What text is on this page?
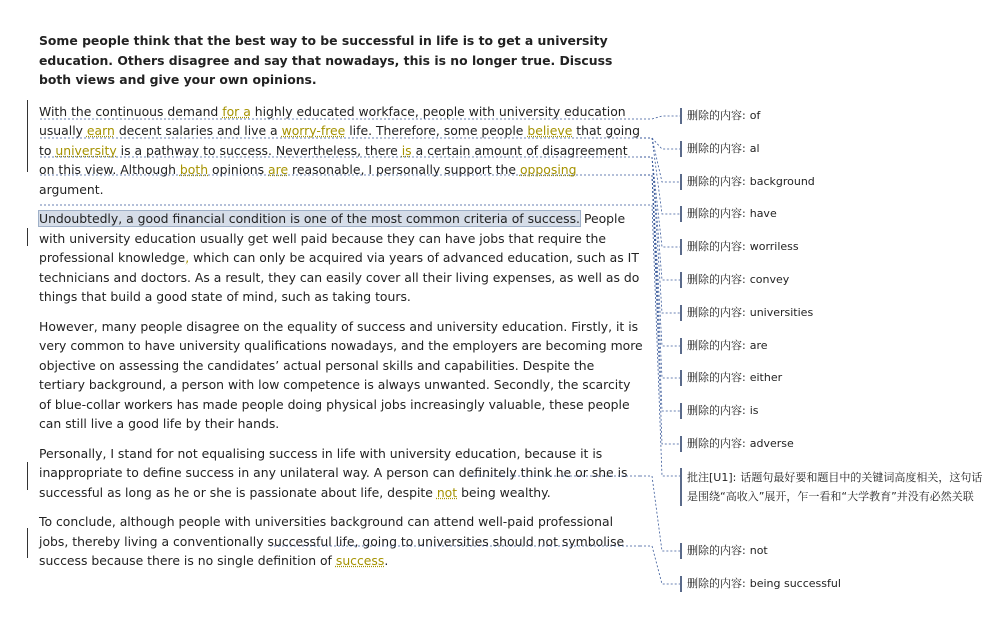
Some people think that the best way to be successful in life is to get a university education. Others disagree and say that nowadays, this is no longer true. Discuss both views and give your own opinions.

With the continuous demand for a highly educated workface, people with university education usually earn decent salaries and live a worry-free life. Therefore, some people believe that going to university is a pathway to success. Nevertheless, there is a certain amount of disagreement on this view. Although both opinions are reasonable, I personally support the opposing argument.

Undoubtedly, a good financial condition is one of the most common criteria of success. People with university education usually get well paid because they can have jobs that require the professional knowledge, which can only be acquired via years of advanced education, such as IT technicians and doctors. As a result, they can easily cover all their living expenses, as well as do things that build a good state of mind, such as taking tours.

However, many people disagree on the equality of success and university education. Firstly, it is very common to have university qualifications nowadays, and the employers are becoming more objective on assessing the candidates’ actual personal skills and capabilities. Despite the tertiary background, a person with low competence is always unwanted. Secondly, the scarcity of blue-collar workers has made people doing physical jobs increasingly valuable, these people can still live a good life by their hands.

Personally, I stand for not equalising success in life with university education, because it is inappropriate to define success in any unilateral way. A person can definitely think he or she is successful as long as he or she is passionate about life, despite not being wealthy.

To conclude, although people with universities background can attend well-paid professional jobs, thereby living a conventionally successful life, going to universities should not symbolise success because there is no single definition of success.

删除的内容: of
删除的内容: al
删除的内容: background
删除的内容: have
删除的内容: worriless
删除的内容: convey
删除的内容: universities
删除的内容: are
删除的内容: either
删除的内容: is
删除的内容: adverse
批注[U1]: 话题句最好要和题目中的关键词高度相关，这句话是围绕“高收入”展开，乍一看和“大学教育”并没有必然关联
删除的内容: not
删除的内容: being successful
